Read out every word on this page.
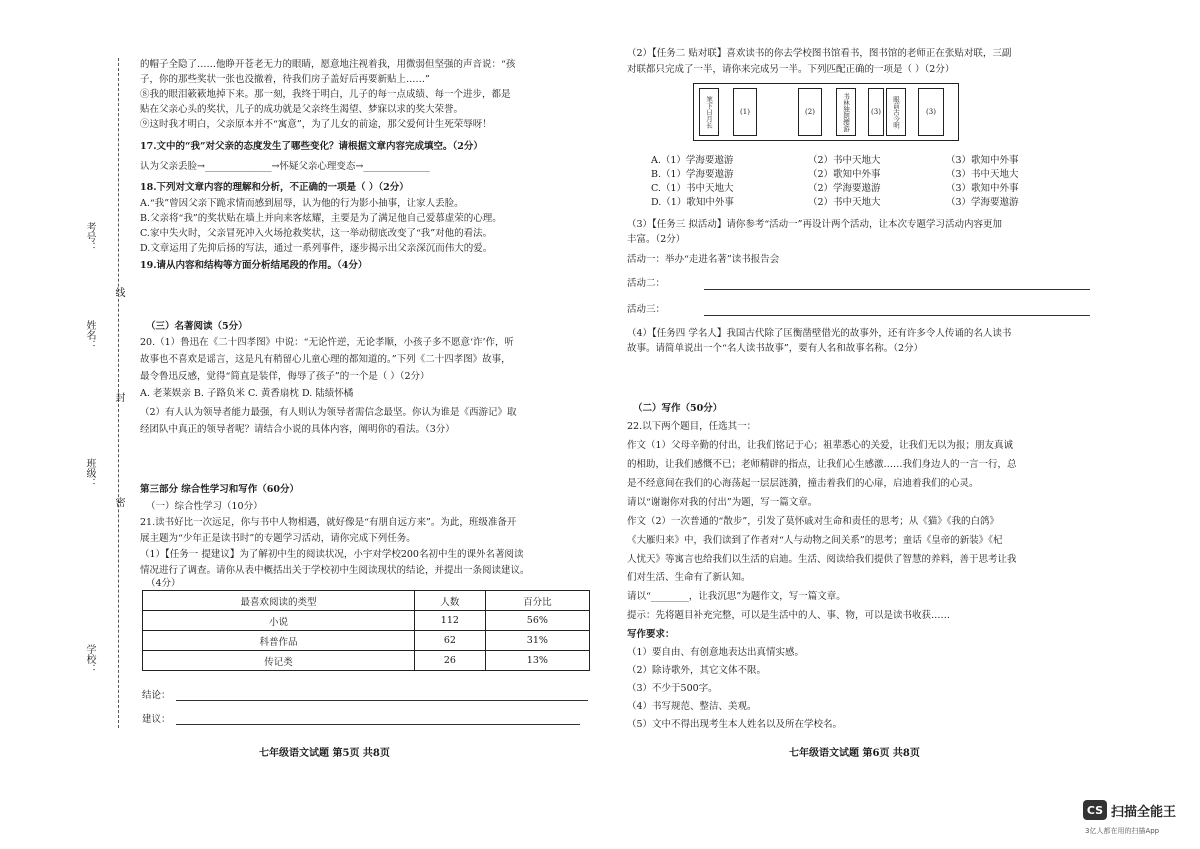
考号：
线
姓名：
封
班级：
密
学校：
的帽子全隐了……他睁开苍老无力的眼睛，愿意地注视着我，用微弱但坚强的声音说：“孩
子，你的那些奖状一张也没撤着，待我们房子盖好后再要新贴上……”
⑧我的眼泪簌簌地掉下来。那一刻，我终于明白，儿子的每一点成绩、每一个进步，都是
贴在父亲心头的奖状，儿子的成功就是父亲终生渴望、梦寐以求的奖大荣誉。
⑨这时我才明白，父亲原本并不“寓意”，为了儿女的前途，那父爱何计生死荣辱呀！
17.文中的“我”对父亲的态度发生了哪些变化？请根据文章内容完成填空。（2分）
认为父亲丢脸→______________→怀疑父亲心理变态→______________
18.下列对文章内容的理解和分析，不正确的一项是（ ）（2分）
A.“我”曾因父亲下跪求情而感到屈辱，认为他的行为影小抽事，让家人丢脸。
B.父亲将“我”的奖状贴在墙上并向来客炫耀，主要是为了满足他自己爱慕虚荣的心理。
C.家中失火时，父亲冒死冲入火场抢救奖状，这一举动彻底改变了“我”对他的看法。
D.文章运用了先抑后扬的写法，通过一系列事件，逐步揭示出父亲深沉而伟大的爱。
19.请从内容和结构等方面分析结尾段的作用。（4分）
（三）名著阅读（5分）
20.（1）鲁迅在《二十四孝图》中说：“无论忤逆，无论孝顺，小孩子多不愿意‘诈’作，听
故事也不喜欢是谣言，这是凡有稍留心儿童心理的都知道的。”下列《二十四孝图》故事，
最令鲁迅反感，觉得“简直是装佯，侮辱了孩子”的一个是（ ）（2分）
A. 老莱娱亲 B. 子路负米 C. 黄香扇枕 D. 陆绩怀橘
（2）有人认为领导者能力最强，有人则认为领导者需信念最坚。你认为谁是《西游记》取
经团队中真正的领导者呢？请结合小说的具体内容，阐明你的看法。（3分）
第三部分 综合性学习和写作（60分）
（一）综合性学习（10分）
21.读书好比一次远足，你与书中人物相遇，就好像是“有朋自远方来”。为此，班级准备开
展主题为“少年正是读书时”的专题学习活动，请你完成下列任务。
（1）【任务一 提建议】为了解初中生的阅读状况，小宇对学校200名初中生的课外名著阅读
情况进行了调查。请你从表中概括出关于学校初中生阅读现状的结论，并提出一条阅读建议。
（4分）
最喜欢阅读的类型	人数	百分比
小说	112	56%
科普作品	62	31%
传记类	26	13%
结论：
建议：
七年级语文试题 第5页 共8页
（2）【任务二 贴对联】喜欢读书的你去学校图书馆看书，图书馆的老师正在张贴对联，三副
对联都只完成了一半，请你来完成另一半。下列匹配正确的一项是（ ）（2分）
笔下日月长	(1)	(2)	书林独朗缨游	(3)	眼前古今明	(3)
A.（1）学海要遨游	（2）书中天地大	（3）歌知中外事
B.（1）学海要遨游	（2）歌知中外事	（3）书中天地大
C.（1）书中天地大	（2）学海要遨游	（3）歌知中外事
D.（1）歌知中外事	（2）书中天地大	（3）学海要遨游
（3）【任务三 拟活动】请你参考“活动一”再设计两个活动，让本次专题学习活动内容更加
丰富。（2分）
活动一：举办“走进名著”读书报告会
活动二：
活动三：
（4）【任务四 学名人】我国古代除了匡衡凿壁借光的故事外，还有许多令人传诵的名人读书
故事。请简单说出一个“名人读书故事”，要有人名和故事名称。（2分）
（二）写作（50分）
22.以下两个题目，任选其一：
作文（1）父母辛勤的付出，让我们铭记于心；祖辈悉心的关爱，让我们无以为报；朋友真诚
的相助，让我们感慨不已；老师精辟的指点，让我们心生感激……我们身边人的一言一行，总
是不经意间在我们的心海荡起一层层涟漪，撞击着我们的心扉，启迪着我们的心灵。
请以“谢谢你对我的付出”为题，写一篇文章。
作文（2）一次普通的“散步”，引发了莫怀戚对生命和责任的思考；从《猫》《我的白鸽》
《大雁归来》中，我们读到了作者对“人与动物之间关系”的思考；童话《皇帝的新装》《杞
人忧天》等寓言也给我们以生活的启迪。生活、阅读给我们提供了智慧的养料，善于思考让我
们对生活、生命有了新认知。
请以“________，让我沉思”为题作文，写一篇文章。
提示：先将题目补充完整，可以是生活中的人、事、物，可以是读书收获……
写作要求：
（1）要自由、有创意地表达出真情实感。
（2）除诗歌外，其它文体不限。
（3）不少于500字。
（4）书写规范、整洁、美观。
（5）文中不得出现考生本人姓名以及所在学校名。
七年级语文试题 第6页 共8页
CS 扫描全能王
3亿人都在用的扫描App
